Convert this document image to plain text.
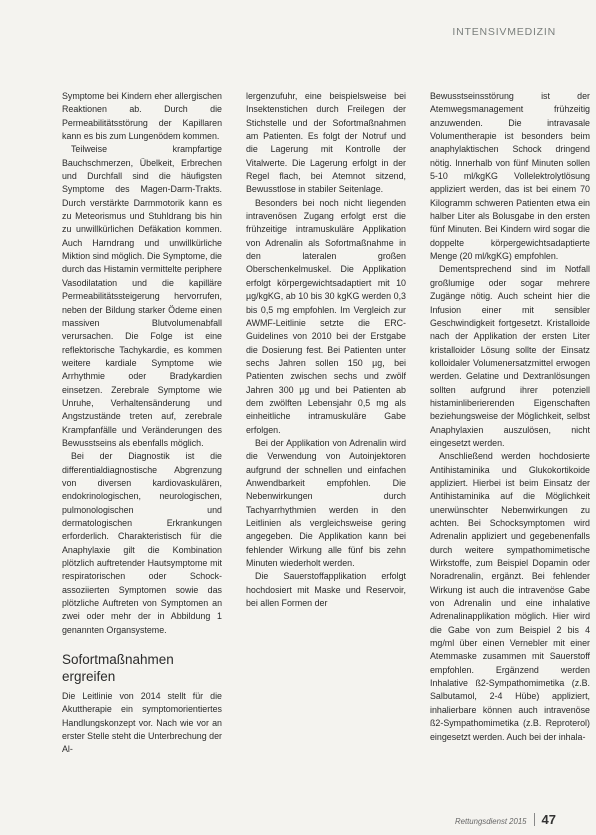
INTENSIVMEDIZIN

Symptome bei Kindern eher allergischen Reaktionen ab. Durch die Permeabilitätsstörung der Kapillaren kann es bis zum Lungenödem kommen.

Teilweise krampfartige Bauchschmerzen, Übelkeit, Erbrechen und Durchfall sind die häufigsten Symptome des Magen-Darm-Trakts. Durch verstärkte Darmmotorik kann es zu Meteorismus und Stuhldrang bis hin zu unwillkürlichen Defäkation kommen. Auch Harndrang und unwillkürliche Miktion sind möglich. Die Symptome, die durch das Histamin vermittelte periphere Vasodilatation und die kapilläre Permeabilitätssteigerung hervorrufen, neben der Bildung starker Ödeme einen massiven Blutvolumenabfall verursachen. Die Folge ist eine reflektorische Tachykardie, es kommen weitere kardiale Symptome wie Arrhythmie oder Bradykardien einsetzen. Zerebrale Symptome wie Unruhe, Verhaltensänderung und Angstzustände treten auf, zerebrale Krampfanfälle und Veränderungen des Bewusstseins als ebenfalls möglich.

Bei der Diagnostik ist die differentialdiagnostische Abgrenzung von diversen kardiovaskulären, endokrinologischen, neurologischen, pulmonologischen und dermatologischen Erkrankungen erforderlich. Charakteristisch für die Anaphylaxie gilt die Kombination plötzlich auftretender Hautsymptome mit respiratorischen oder Schock-assoziierten Symptomen sowie das plötzliche Auftreten von Symptomen an zwei oder mehr der in Abbildung 1 genannten Organsysteme.

Sofortmaßnahmen ergreifen

Die Leitlinie von 2014 stellt für die Akuttherapie ein symptomorientiertes Handlungskonzept vor. Nach wie vor an erster Stelle steht die Unterbrechung der Al-

lergenzufuhr, eine beispielsweise bei Insektenstichen durch Freilegen der Stichstelle und der Sofortmaßnahmen am Patienten. Es folgt der Notruf und die Lagerung mit Kontrolle der Vitalwerte. Die Lagerung erfolgt in der Regel flach, bei Atemnot sitzend, Bewusstlose in stabiler Seitenlage.

Besonders bei noch nicht liegenden intravenösen Zugang erfolgt erst die frühzeitige intramuskuläre Applikation von Adrenalin als Sofortmaßnahme in den lateralen großen Oberschenkelmuskel. Die Applikation erfolgt körpergewichtsadaptiert mit 10 µg/kgKG, ab 10 bis 30 kgKG werden 0,3 bis 0,5 mg empfohlen. Im Vergleich zur AWMF-Leitlinie setzte die ERC-Guidelines von 2010 bei der Erstgabe die Dosierung fest. Bei Patienten unter sechs Jahren sollen 150 µg, bei Patienten zwischen sechs und zwölf Jahren 300 µg und bei Patienten ab dem zwölften Lebensjahr 0,5 mg als einheitliche intramuskuläre Gabe erfolgen.

Bei der Applikation von Adrenalin wird die Verwendung von Autoinjektoren aufgrund der schnellen und einfachen Anwendbarkeit empfohlen. Die Nebenwirkungen durch Tachyarrhythmien werden in den Leitlinien als vergleichsweise gering angegeben. Die Applikation kann bei fehlender Wirkung alle fünf bis zehn Minuten wiederholt werden.

Die Sauerstoffapplikation erfolgt hochdosiert mit Maske und Reservoir, bei allen Formen der

Bewusstseinsstörung ist der Atemwegsmanagement frühzeitig anzuwenden. Die intravasale Volumentherapie ist besonders beim anaphylaktischen Schock dringend nötig. Innerhalb von fünf Minuten sollen 5-10 ml/kgKG Vollelektrolytlösung appliziert werden, das ist bei einem 70 Kilogramm schweren Patienten etwa ein halber Liter als Bolusgabe in den ersten fünf Minuten. Bei Kindern wird sogar die doppelte körpergewichtsadaptierte Menge (20 ml/kgKG) empfohlen.

Dementsprechend sind im Notfall großlumige oder sogar mehrere Zugänge nötig. Auch scheint hier die Infusion einer mit sensibler Geschwindigkeit fortgesetzt. Kristalloide nach der Applikation der ersten Liter kristalloider Lösung sollte der Einsatz kolloidaler Volumenersatzmittel erwogen werden. Gelatine und Dextranlösungen sollten aufgrund ihrer potenziell histaminliberierenden Eigenschaften beziehungsweise der Möglichkeit, selbst Anaphylaxien auszulösen, nicht eingesetzt werden.

Anschließend werden hochdosierte Antihistaminika und Glukokortikoide appliziert. Hierbei ist beim Einsatz der Antihistaminika auf die Möglichkeit unerwünschter Nebenwirkungen zu achten. Bei Schocksymptomen wird Adrenalin appliziert und gegebenenfalls durch weitere sympathomimetische Wirkstoffe, zum Beispiel Dopamin oder Noradrenalin, ergänzt. Bei fehlender Wirkung ist auch die intravenöse Gabe von Adrenalin und eine inhalative Adrenalinapplikation möglich. Hier wird die Gabe von zum Beispiel 2 bis 4 mg/ml über einen Vernebler mit einer Atemmaske zusammen mit Sauerstoff empfohlen. Ergänzend werden Inhalative ß2-Sympathomimetika (z.B. Salbutamol, 2-4 Hübe) appliziert, inhalierbare können auch intravenöse ß2-Sympathomimetika (z.B. Reproterol) eingesetzt werden. Auch bei der inhala-

Rettungsdienst 2015 47
